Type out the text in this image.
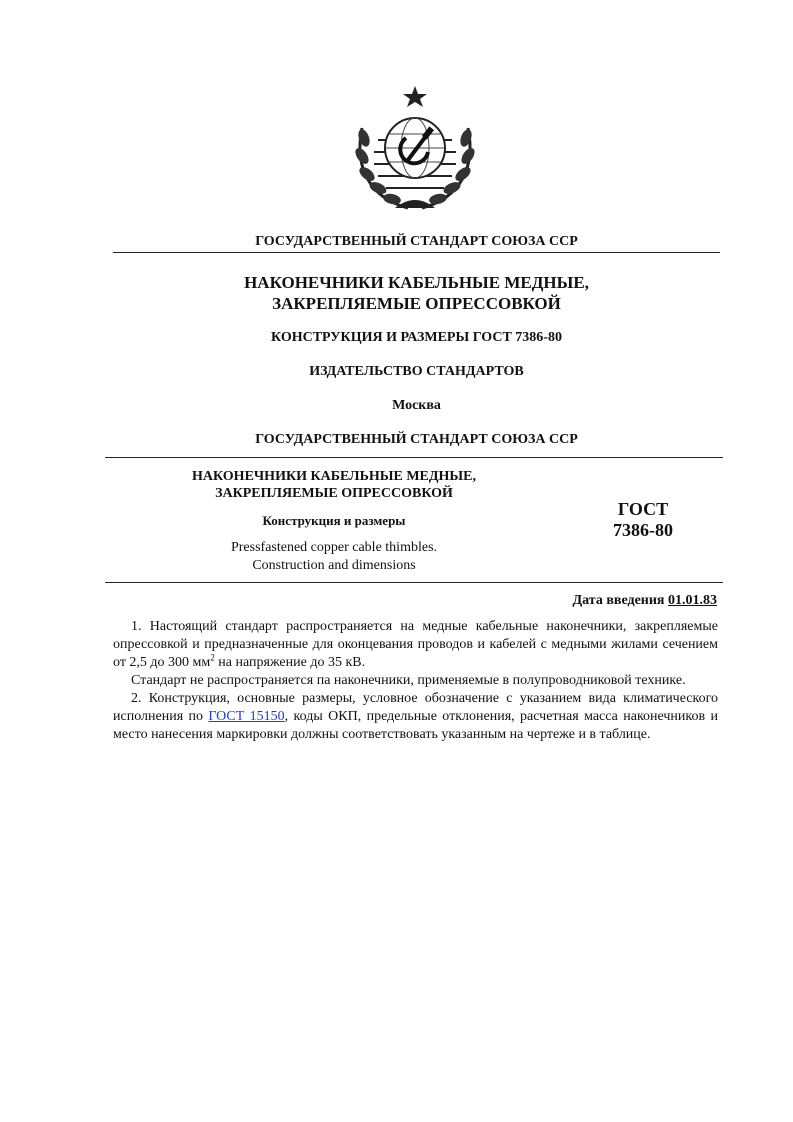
ГОСУДАРСТВЕННЫЙ СТАНДАРТ СОЮЗА ССР
НАКОНЕЧНИКИ КАБЕЛЬНЫЕ МЕДНЫЕ,
ЗАКРЕПЛЯЕМЫЕ ОПРЕССОВКОЙ
КОНСТРУКЦИЯ И РАЗМЕРЫ ГОСТ 7386-80
ИЗДАТЕЛЬСТВО СТАНДАРТОВ
Москва
ГОСУДАРСТВЕННЫЙ СТАНДАРТ СОЮЗА ССР
НАКОНЕЧНИКИ КАБЕЛЬНЫЕ МЕДНЫЕ,
ЗАКРЕПЛЯЕМЫЕ ОПРЕССОВКОЙ
Конструкция и размеры
Pressfastened copper cable thimbles.
Construction and dimensions
ГОСТ
7386-80
Дата введения 01.01.83

1. Настоящий стандарт распространяется на медные кабельные наконечники, закрепляемые опрессовкой и предназначенные для оконцевания проводов и кабелей с медными жилами сечением от 2,5 до 300 $мм^2$ на напряжение до 35 кВ.

Стандарт не распространяется па наконечники, применяемые в полупроводниковой технике.

2. Конструкция, основные размеры, условное обозначение с указанием вида климатического исполнения по ГОСТ 15150, коды ОКП, предельные отклонения, расчетная масса наконечников и место нанесения маркировки должны соответствовать указанным на чертеже и в таблице.
